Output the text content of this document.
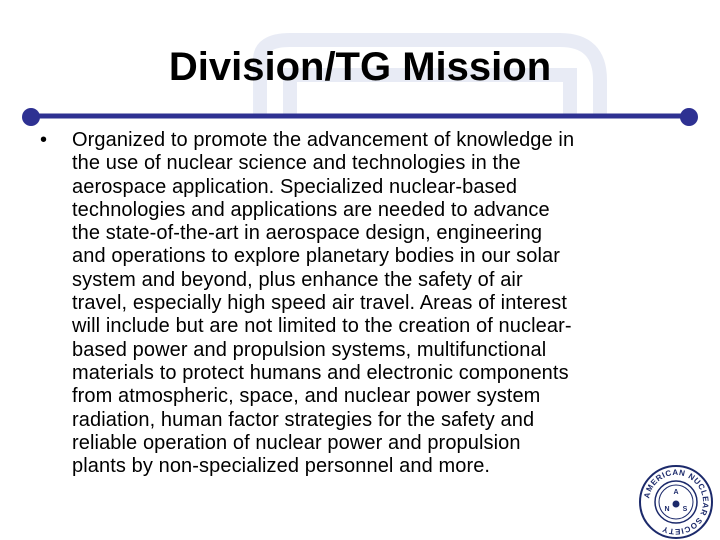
Division/TG Mission
• Organized to promote the advancement of knowledge in
the use of nuclear science and technologies in the
aerospace application. Specialized nuclear-based
technologies and applications are needed to advance
the state-of-the-art in aerospace design, engineering
and operations to explore planetary bodies in our solar
system and beyond, plus enhance the safety of air
travel, especially high speed air travel. Areas of interest
will include but are not limited to the creation of nuclear-
based power and propulsion systems, multifunctional
materials to protect humans and electronic components
from atmospheric, space, and nuclear power system
radiation, human factor strategies for the safety and
reliable operation of nuclear power and propulsion
plants by non-specialized personnel and more.
AMERICAN NUCLEAR SOCIETY
A
N S
